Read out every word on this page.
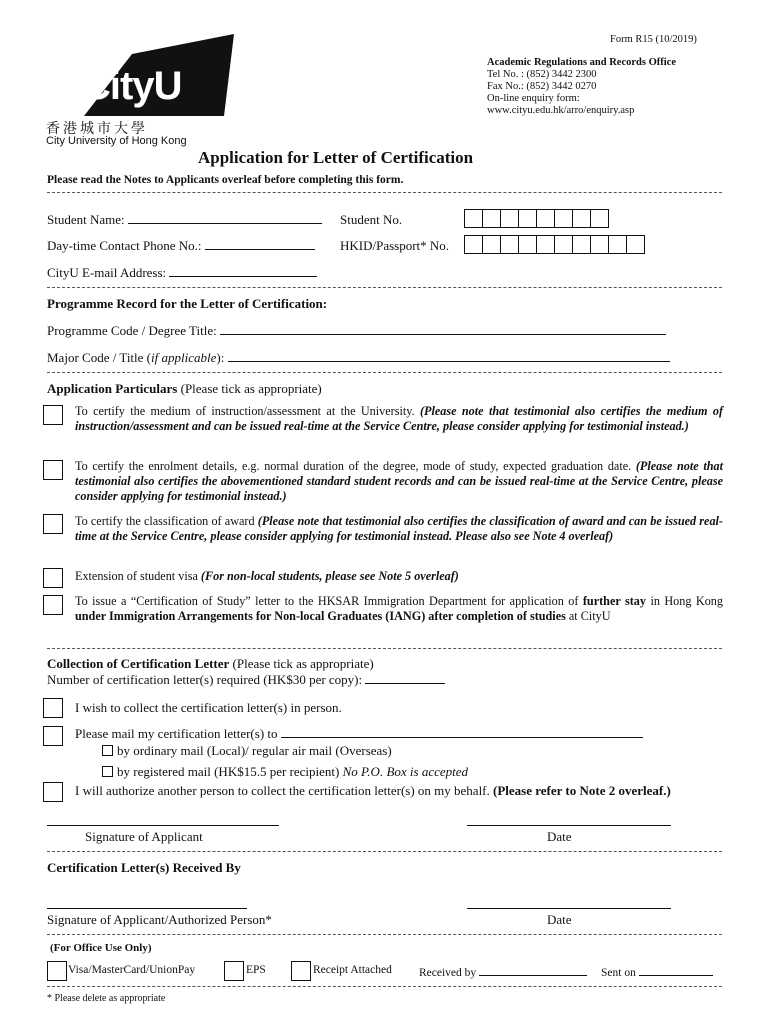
Form R15 (10/2019)
Academic Regulations and Records Office
Tel No. : (852) 3442 2300
Fax No.: (852) 3442 0270
On-line enquiry form:
www.cityu.edu.hk/arro/enquiry.asp
CityU
香港城市大學
City University of Hong Kong
Application for Letter of Certification
Please read the Notes to Applicants overleaf before completing this form.
Student Name:	Student No.
Day-time Contact Phone No.:	HKID/Passport* No.
CityU E-mail Address:
Programme Record for the Letter of Certification:
Programme Code / Degree Title:
Major Code / Title (if applicable):
Application Particulars (Please tick as appropriate)
To certify the medium of instruction/assessment at the University. (Please note that testimonial also certifies the medium of instruction/assessment and can be issued real-time at the Service Centre, please consider applying for testimonial instead.)
To certify the enrolment details, e.g. normal duration of the degree, mode of study, expected graduation date. (Please note that testimonial also certifies the abovementioned standard student records and can be issued real-time at the Service Centre, please consider applying for testimonial instead.)
To certify the classification of award (Please note that testimonial also certifies the classification of award and can be issued real-time at the Service Centre, please consider applying for testimonial instead. Please also see Note 4 overleaf)
Extension of student visa (For non-local students, please see Note 5 overleaf)
To issue a “Certification of Study” letter to the HKSAR Immigration Department for application of further stay in Hong Kong under Immigration Arrangements for Non-local Graduates (IANG) after completion of studies at CityU
Collection of Certification Letter (Please tick as appropriate)
Number of certification letter(s) required (HK$30 per copy):
I wish to collect the certification letter(s) in person.
Please mail my certification letter(s) to
by ordinary mail (Local)/ regular air mail (Overseas)
by registered mail (HK$15.5 per recipient) No P.O. Box is accepted
I will authorize another person to collect the certification letter(s) on my behalf. (Please refer to Note 2 overleaf.)
Signature of Applicant	Date
Certification Letter(s) Received By
Signature of Applicant/Authorized Person*	Date
(For Office Use Only)
Visa/MasterCard/UnionPay	EPS	Receipt Attached Received by	Sent on
* Please delete as appropriate
